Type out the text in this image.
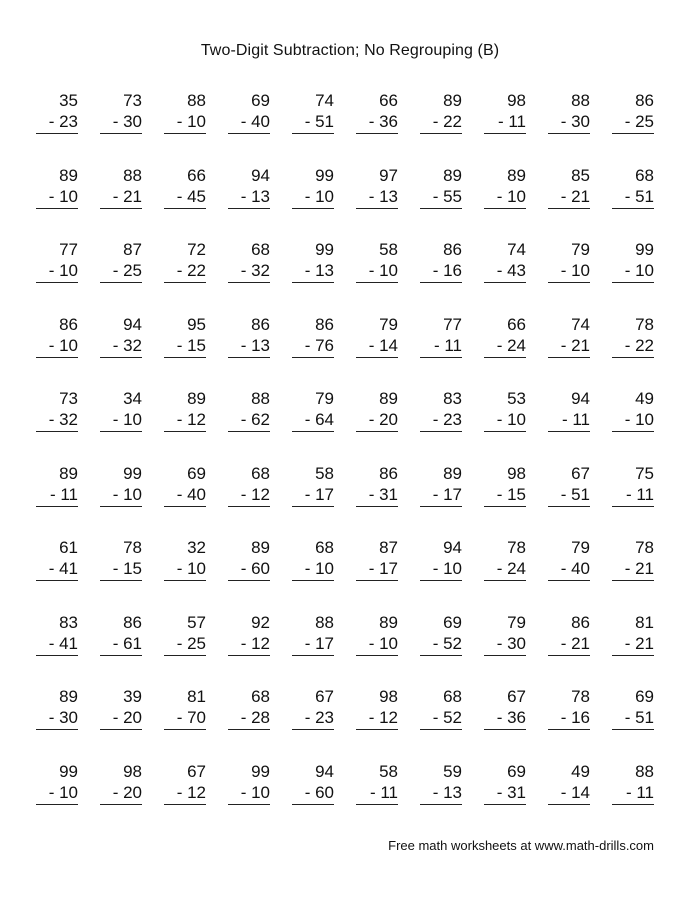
Two-Digit Subtraction; No Regrouping (B)
35
- 23
73
- 30
88
- 10
69
- 40
74
- 51
66
- 36
89
- 22
98
- 11
88
- 30
86
- 25
89
- 10
88
- 21
66
- 45
94
- 13
99
- 10
97
- 13
89
- 55
89
- 10
85
- 21
68
- 51
77
- 10
87
- 25
72
- 22
68
- 32
99
- 13
58
- 10
86
- 16
74
- 43
79
- 10
99
- 10
86
- 10
94
- 32
95
- 15
86
- 13
86
- 76
79
- 14
77
- 11
66
- 24
74
- 21
78
- 22
73
- 32
34
- 10
89
- 12
88
- 62
79
- 64
89
- 20
83
- 23
53
- 10
94
- 11
49
- 10
89
- 11
99
- 10
69
- 40
68
- 12
58
- 17
86
- 31
89
- 17
98
- 15
67
- 51
75
- 11
61
- 41
78
- 15
32
- 10
89
- 60
68
- 10
87
- 17
94
- 10
78
- 24
79
- 40
78
- 21
83
- 41
86
- 61
57
- 25
92
- 12
88
- 17
89
- 10
69
- 52
79
- 30
86
- 21
81
- 21
89
- 30
39
- 20
81
- 70
68
- 28
67
- 23
98
- 12
68
- 52
67
- 36
78
- 16
69
- 51
99
- 10
98
- 20
67
- 12
99
- 10
94
- 60
58
- 11
59
- 13
69
- 31
49
- 14
88
- 11
Free math worksheets at www.math-drills.com
